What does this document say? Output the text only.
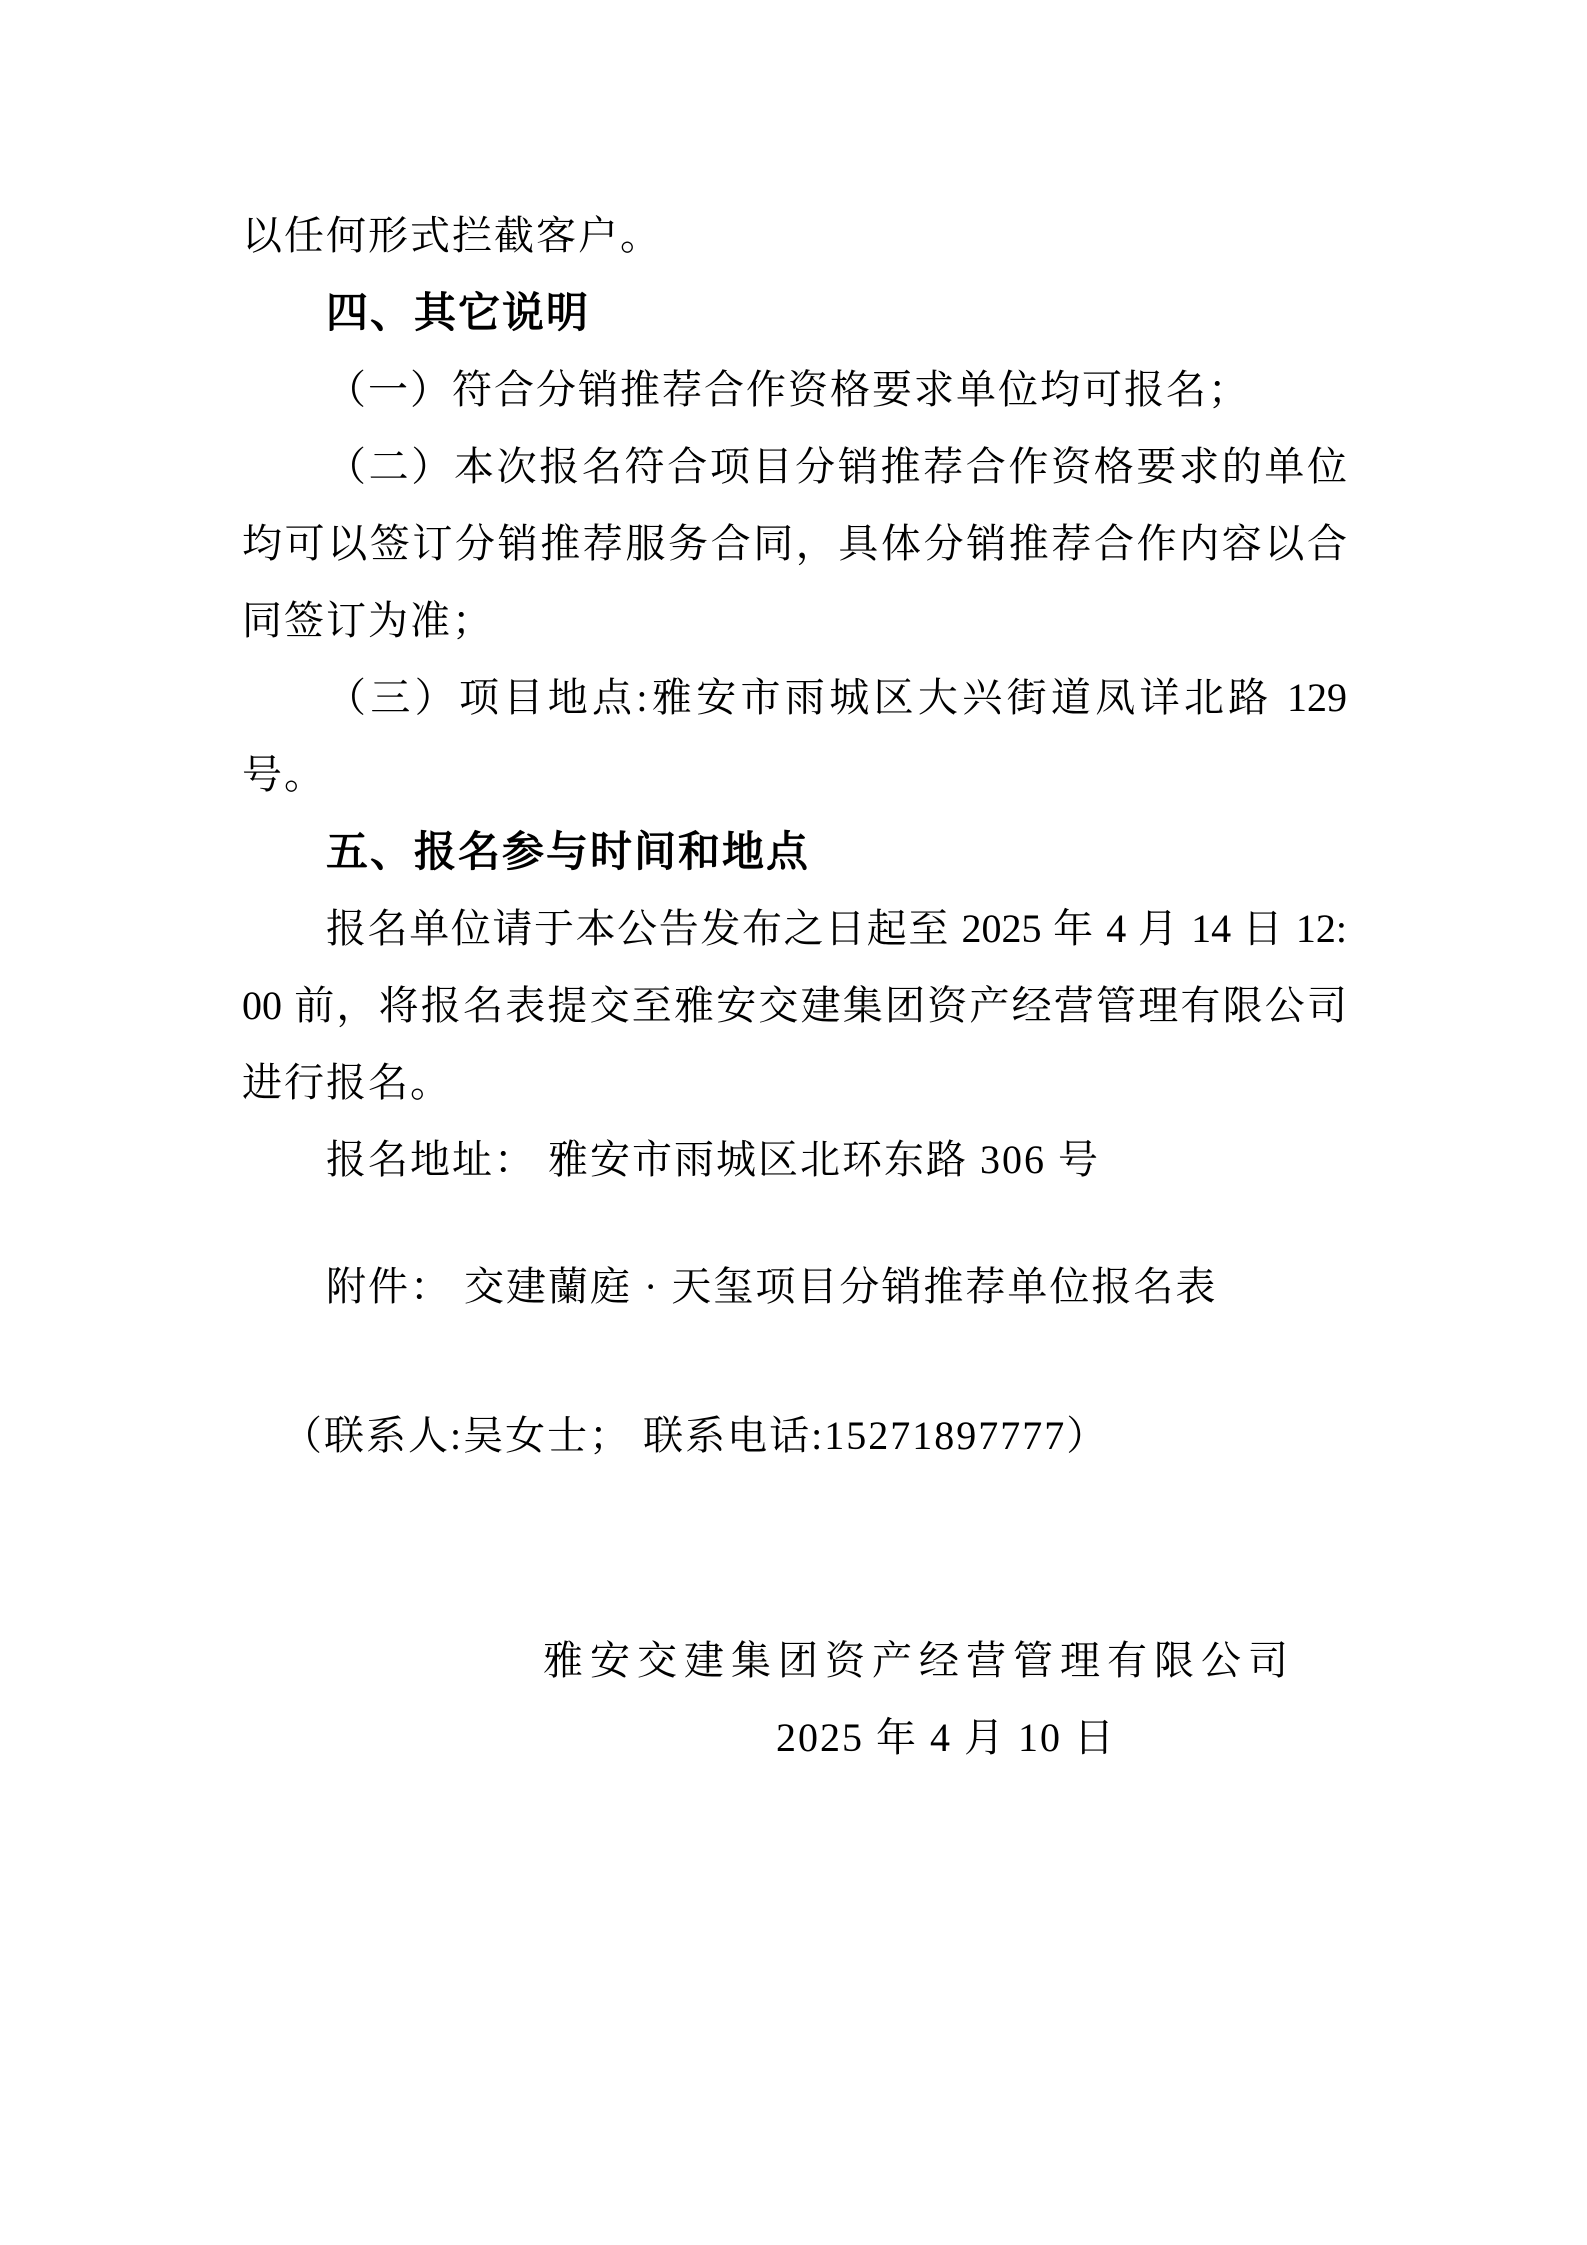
以任何形式拦截客户。
四、其它说明
（一）符合分销推荐合作资格要求单位均可报名；
（二）本次报名符合项目分销推荐合作资格要求的单位
均可以签订分销推荐服务合同，具体分销推荐合作内容以合
同签订为准；
（三）项目地点:雅安市雨城区大兴街道凤详北路 129
号。
五、报名参与时间和地点
报名单位请于本公告发布之日起至 2025 年 4 月 14 日 12:
00 前，将报名表提交至雅安交建集团资产经营管理有限公司
进行报名。
报名地址： 雅安市雨城区北环东路 306 号
附件： 交建蘭庭 · 天玺项目分销推荐单位报名表
（联系人:吴女士； 联系电话:15271897777）
雅安交建集团资产经营管理有限公司
2025 年 4 月 10 日
